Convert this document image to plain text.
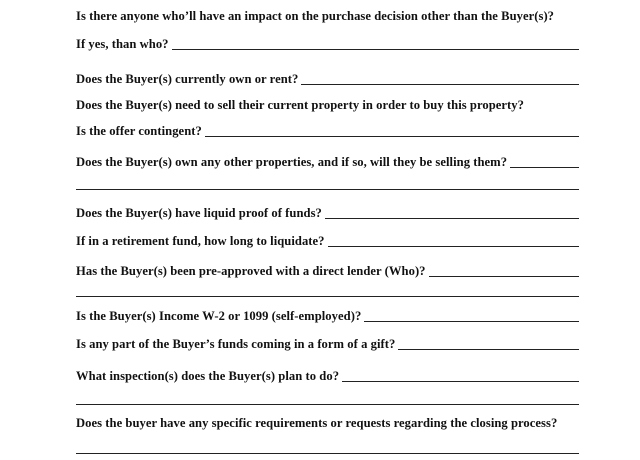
Is there anyone who’ll have an impact on the purchase decision other than the Buyer(s)?
If yes, than who?
Does the Buyer(s) currently own or rent?
Does the Buyer(s) need to sell their current property in order to buy this property?
Is the offer contingent?
Does the Buyer(s) own any other properties, and if so, will they be selling them?
Does the Buyer(s) have liquid proof of funds?
If in a retirement fund, how long to liquidate?
Has the Buyer(s) been pre-approved with a direct lender (Who)?
Is the Buyer(s) Income W-2 or 1099 (self-employed)?
Is any part of the Buyer’s funds coming in a form of a gift?
What inspection(s) does the Buyer(s) plan to do?
Does the buyer have any specific requirements or requests regarding the closing process?
